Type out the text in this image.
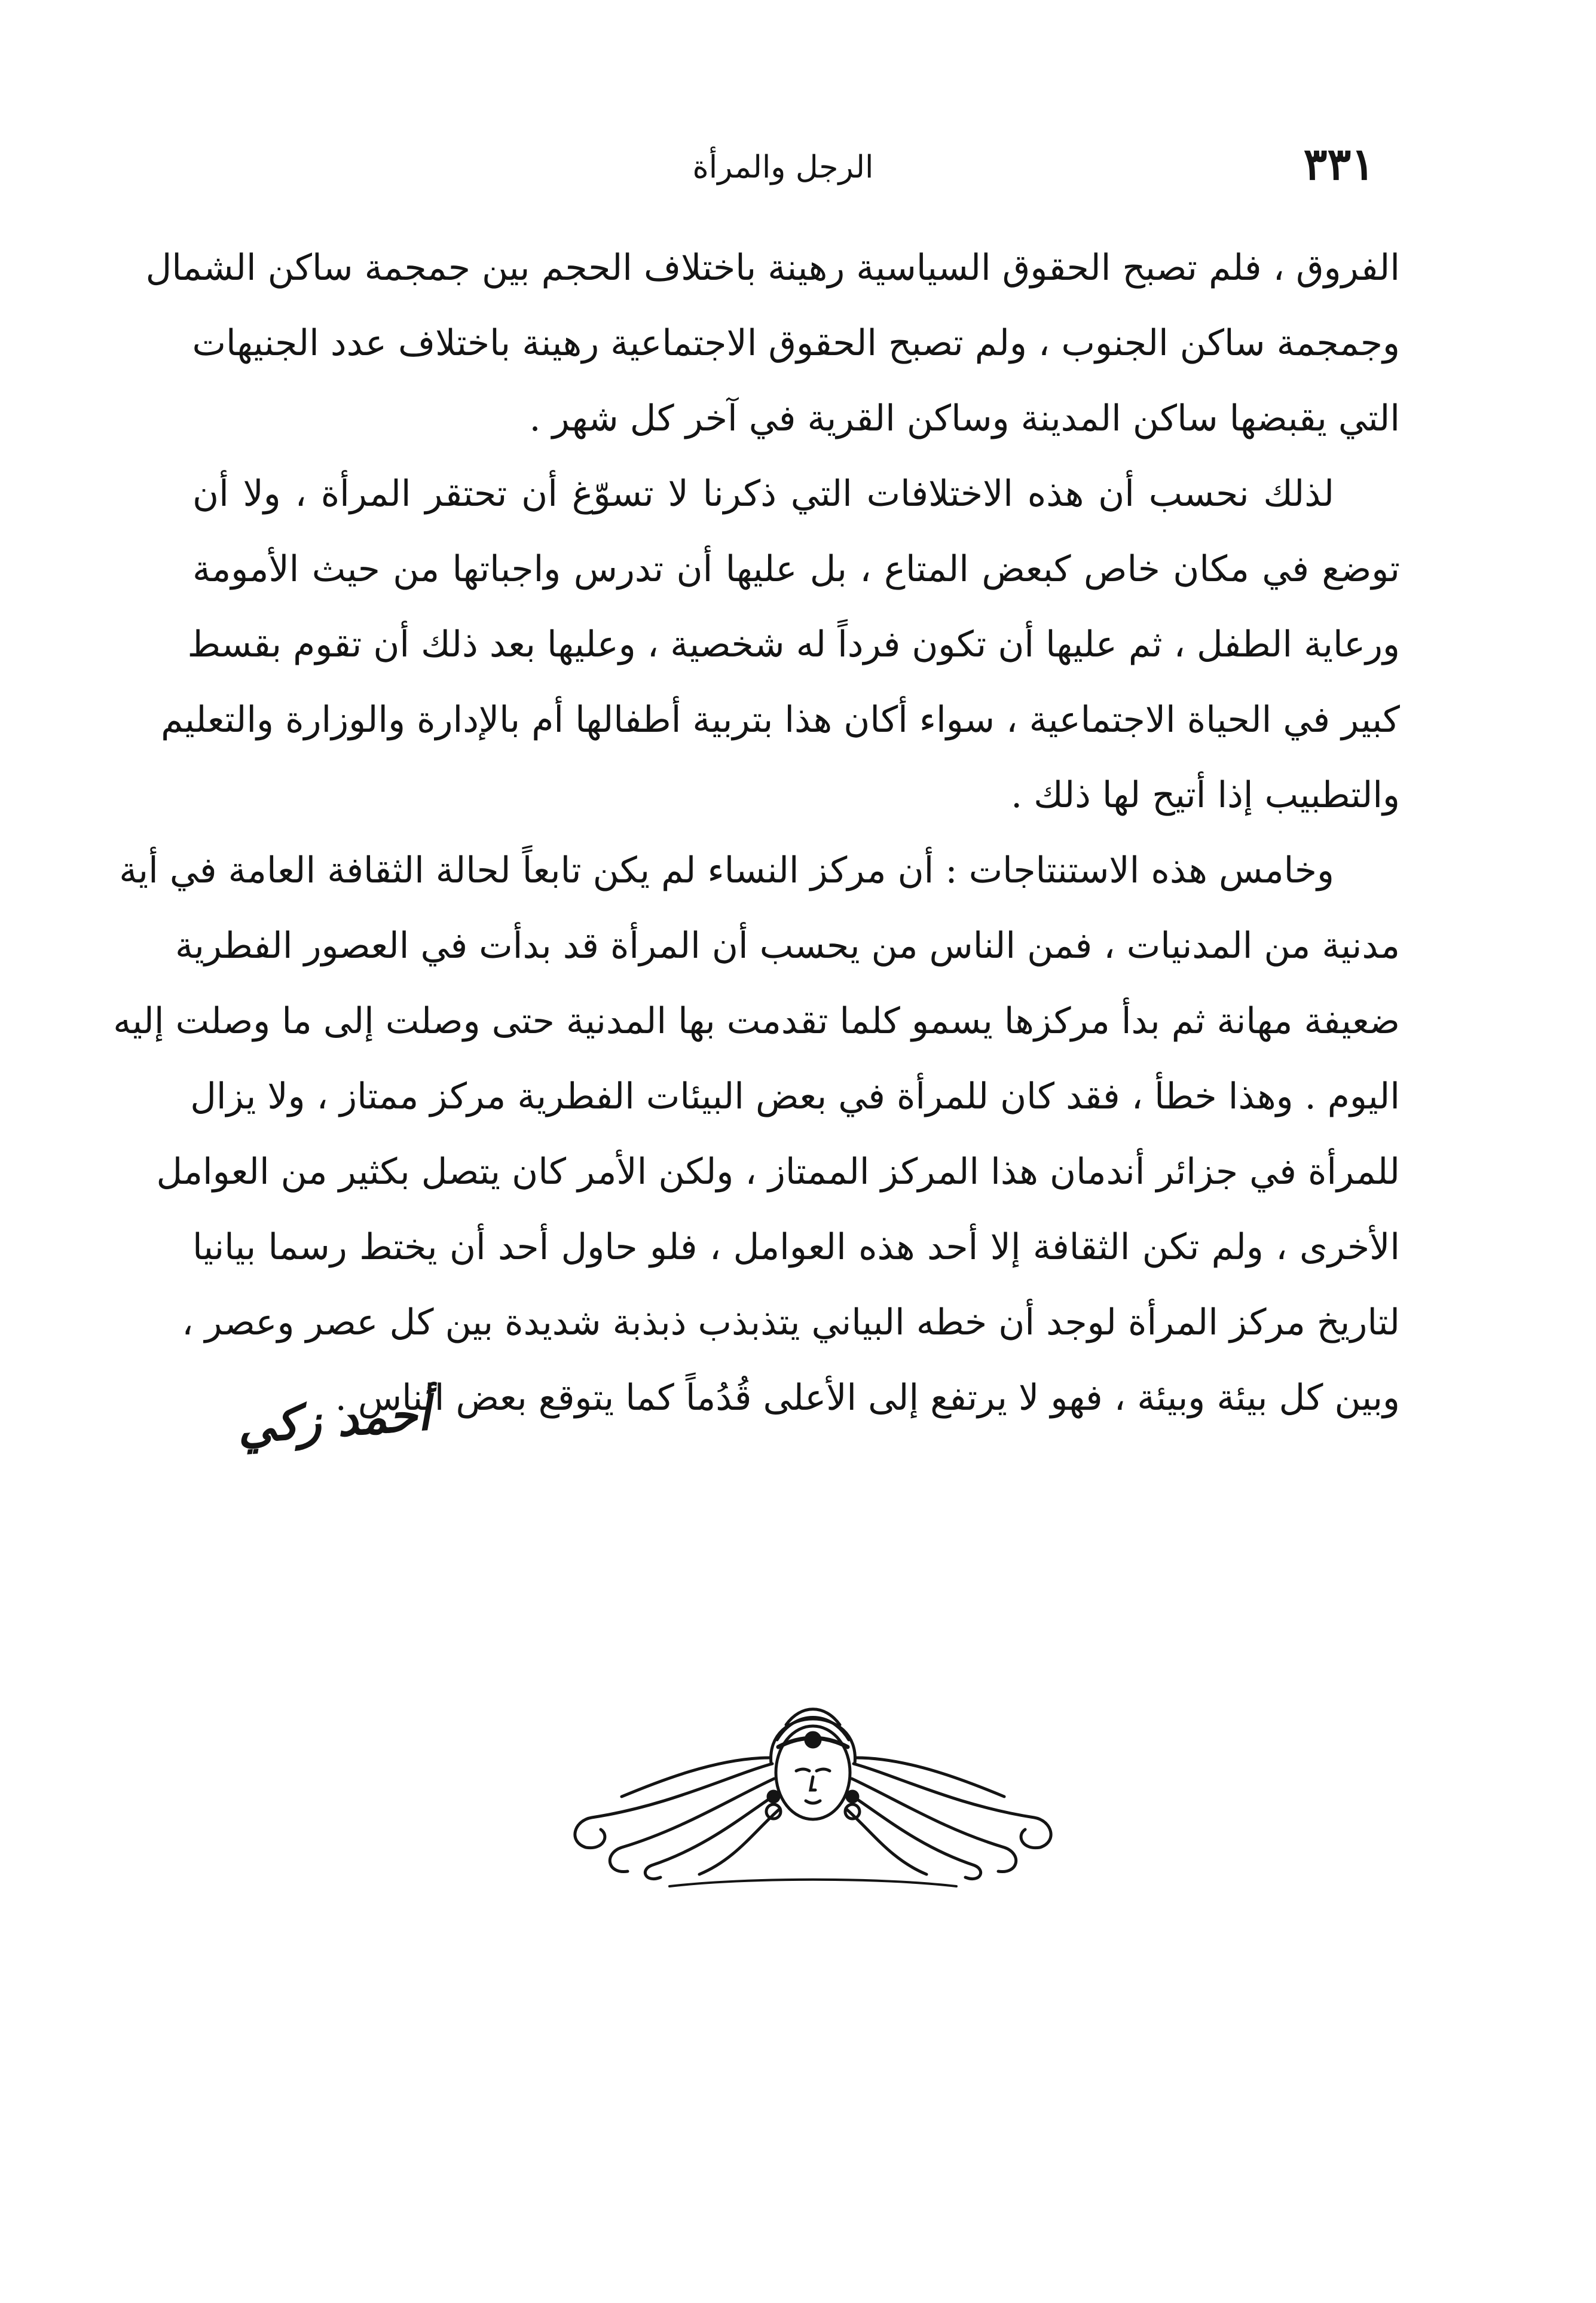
٣٣١
الرجل والمرأة

الفروق ، فلم تصبح الحقوق السياسية رهينة باختلاف الحجم بين جمجمة ساكن الشمال
وجمجمة ساكن الجنوب ، ولم تصبح الحقوق الاجتماعية رهينة باختلاف عدد الجنيهات
التي يقبضها ساكن المدينة وساكن القرية في آخر كل شهر .

لذلك نحسب أن هذه الاختلافات التي ذكرنا لا تسوّغ أن تحتقر المرأة ، ولا أن
توضع في مكان خاص كبعض المتاع ، بل عليها أن تدرس واجباتها من حيث الأمومة
ورعاية الطفل ، ثم عليها أن تكون فرداً له شخصية ، وعليها بعد ذلك أن تقوم بقسط
كبير في الحياة الاجتماعية ، سواء أكان هذا بتربية أطفالها أم بالإدارة والوزارة والتعليم
والتطبيب إذا أتيح لها ذلك .

وخامس هذه الاستنتاجات : أن مركز النساء لم يكن تابعاً لحالة الثقافة العامة في أية
مدنية من المدنيات ، فمن الناس من يحسب أن المرأة قد بدأت في العصور الفطرية
ضعيفة مهانة ثم بدأ مركزها يسمو كلما تقدمت بها المدنية حتى وصلت إلى ما وصلت إليه
اليوم . وهذا خطأ ، فقد كان للمرأة في بعض البيئات الفطرية مركز ممتاز ، ولا يزال
للمرأة في جزائر أندمان هذا المركز الممتاز ، ولكن الأمر كان يتصل بكثير من العوامل
الأخرى ، ولم تكن الثقافة إلا أحد هذه العوامل ، فلو حاول أحد أن يختط رسما بيانيا
لتاريخ مركز المرأة لوجد أن خطه البياني يتذبذب ذبذبة شديدة بين كل عصر وعصر ،
وبين كل بيئة وبيئة ، فهو لا يرتفع إلى الأعلى قُدُماً كما يتوقع بعض الناس .

أحمد زكي
